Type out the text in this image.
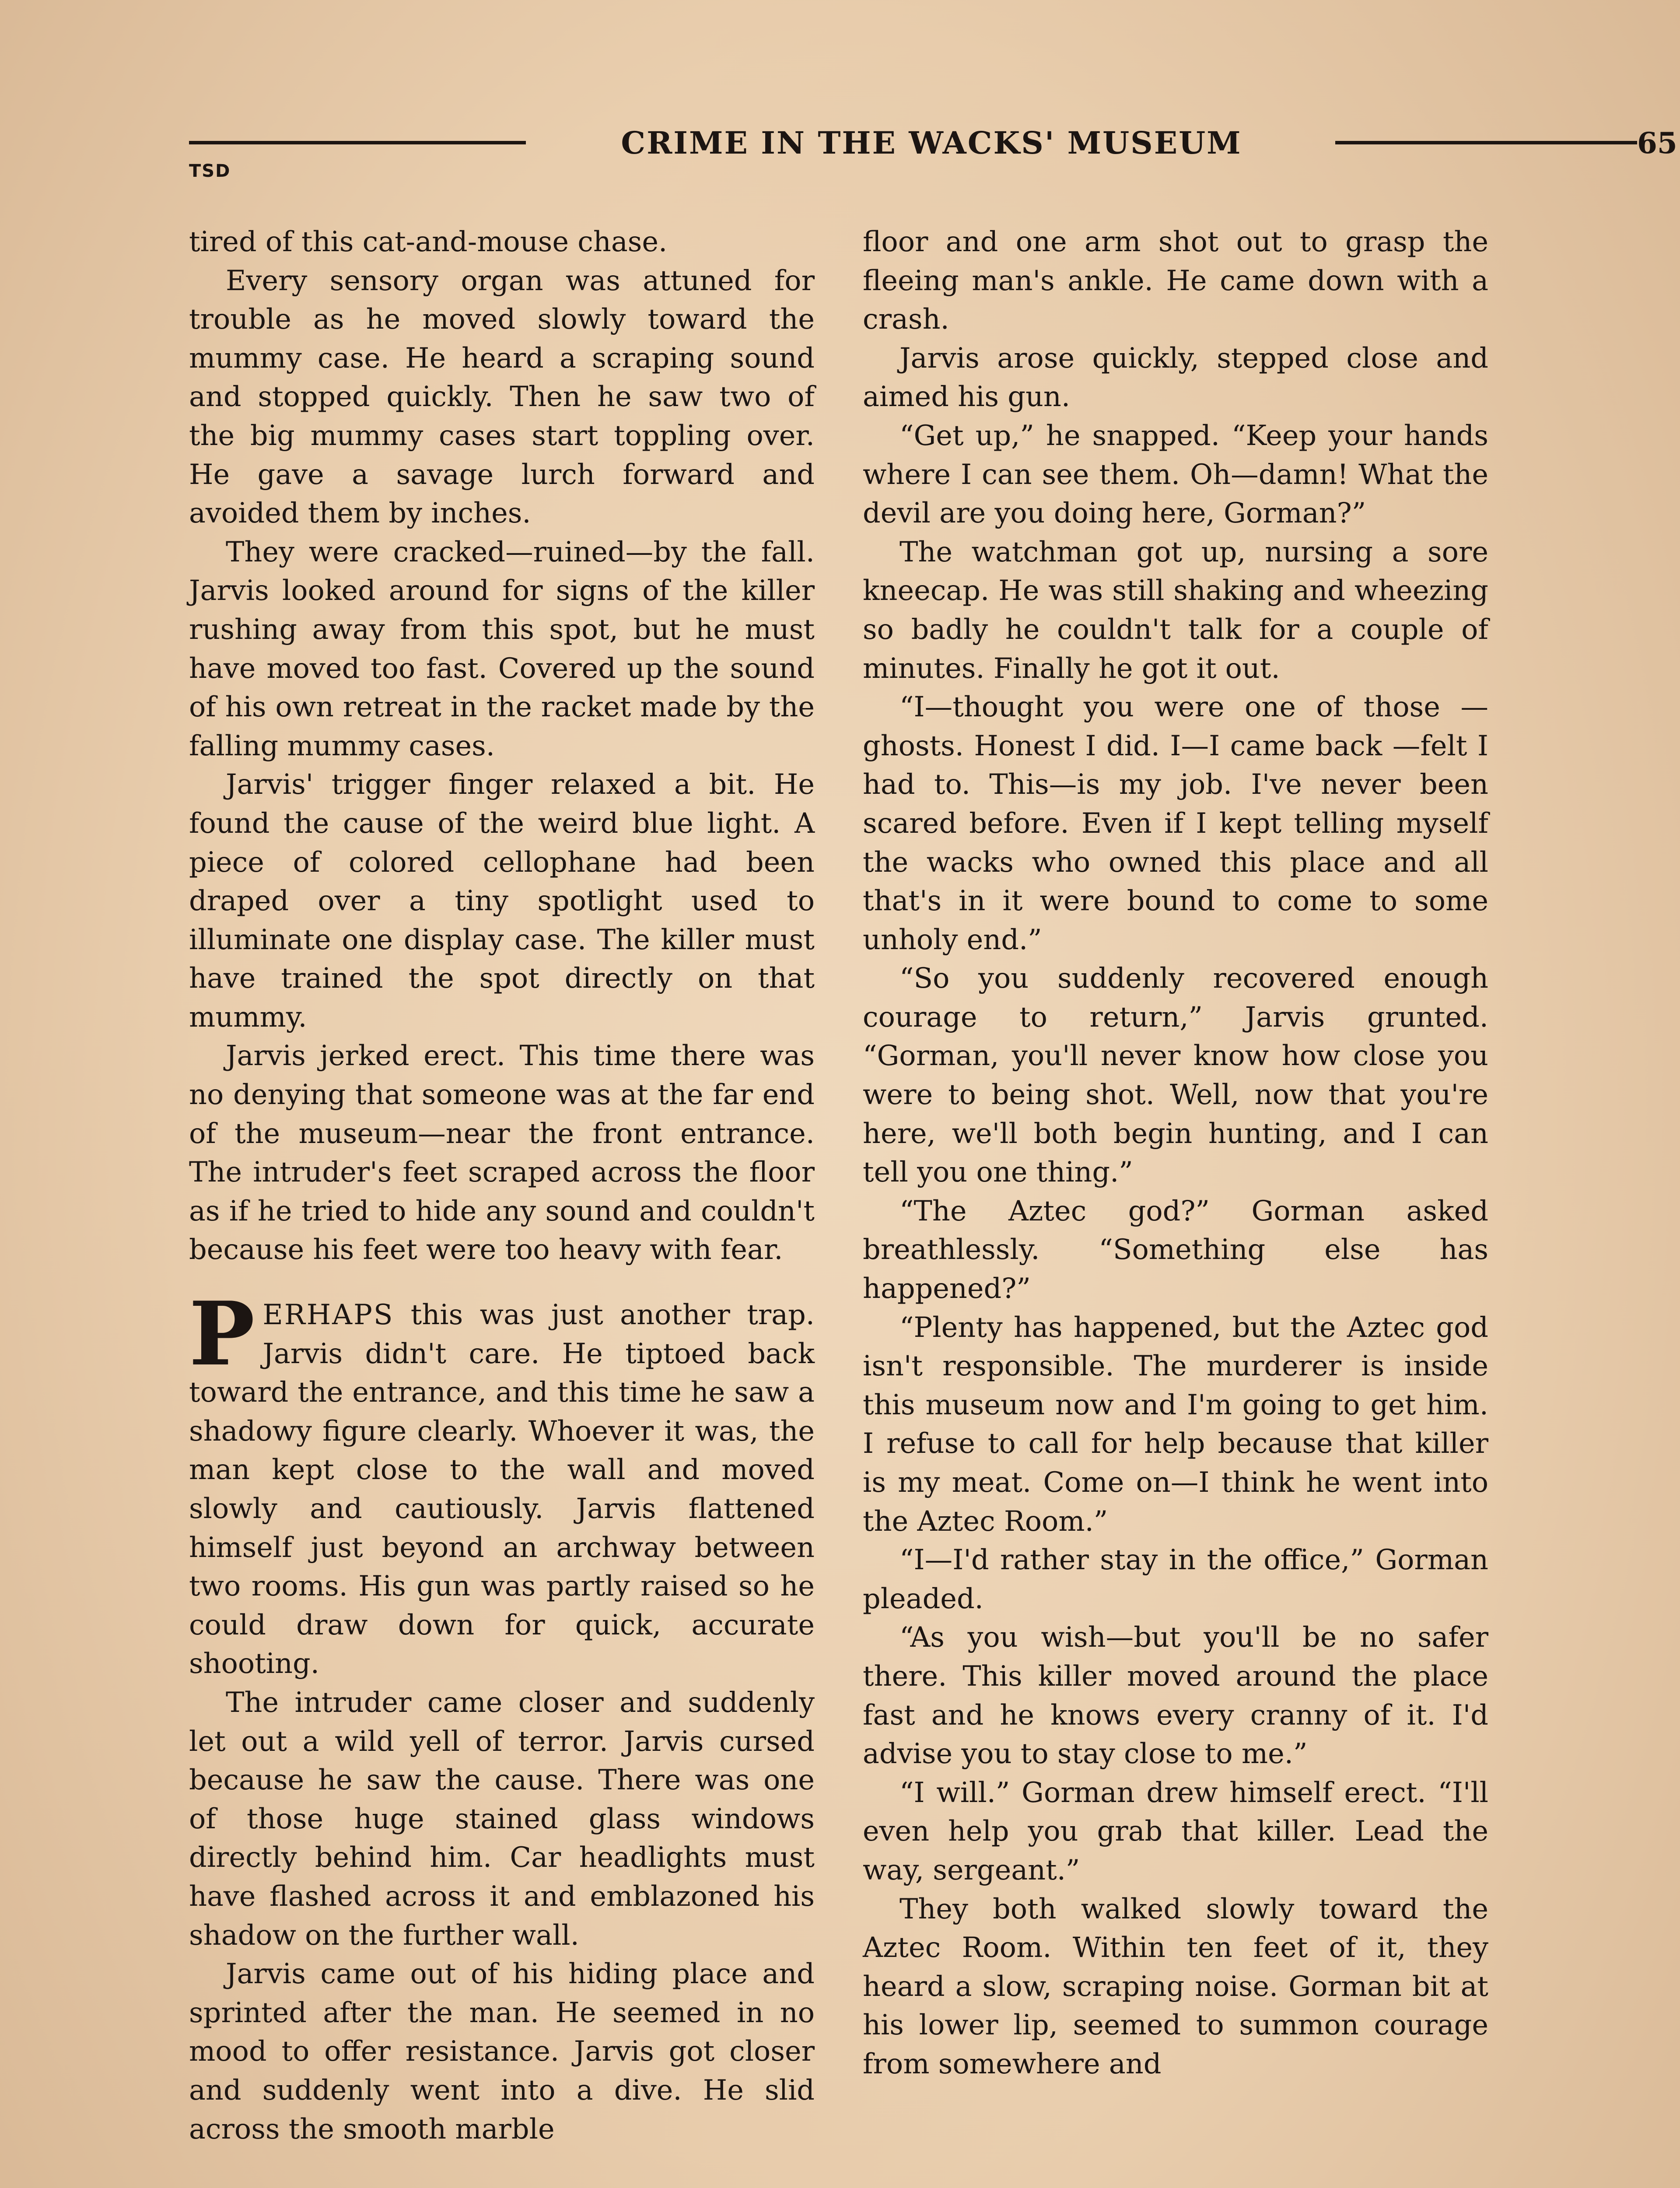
CRIME IN THE WACKS' MUSEUM	65
TSD

tired of this cat-and-mouse chase.

Every sensory organ was attuned for trouble as he moved slowly toward the mummy case. He heard a scraping sound and stopped quickly. Then he saw two of the big mummy cases start toppling over. He gave a savage lurch forward and avoided them by inches.

They were cracked—ruined—by the fall. Jarvis looked around for signs of the killer rushing away from this spot, but he must have moved too fast. Covered up the sound of his own retreat in the racket made by the falling mummy cases.

Jarvis' trigger finger relaxed a bit. He found the cause of the weird blue light. A piece of colored cellophane had been draped over a tiny spotlight used to illuminate one display case. The killer must have trained the spot directly on that mummy.

Jarvis jerked erect. This time there was no denying that someone was at the far end of the museum—near the front entrance. The intruder's feet scraped across the floor as if he tried to hide any sound and couldn't because his feet were too heavy with fear.

PERHAPS this was just another trap. Jarvis didn't care. He tiptoed back toward the entrance, and this time he saw a shadowy figure clearly. Whoever it was, the man kept close to the wall and moved slowly and cautiously. Jarvis flattened himself just beyond an archway between two rooms. His gun was partly raised so he could draw down for quick, accurate shooting.

The intruder came closer and suddenly let out a wild yell of terror. Jarvis cursed because he saw the cause. There was one of those huge stained glass windows directly behind him. Car headlights must have flashed across it and emblazoned his shadow on the further wall.

Jarvis came out of his hiding place and sprinted after the man. He seemed in no mood to offer resistance. Jarvis got closer and suddenly went into a dive. He slid across the smooth marble

floor and one arm shot out to grasp the fleeing man's ankle. He came down with a crash.

Jarvis arose quickly, stepped close and aimed his gun.

“Get up,” he snapped. “Keep your hands where I can see them. Oh—damn! What the devil are you doing here, Gorman?”

The watchman got up, nursing a sore kneecap. He was still shaking and wheezing so badly he couldn't talk for a couple of minutes. Finally he got it out.

“I—thought you were one of those —ghosts. Honest I did. I—I came back —felt I had to. This—is my job. I've never been scared before. Even if I kept telling myself the wacks who owned this place and all that's in it were bound to come to some unholy end.”

“So you suddenly recovered enough courage to return,” Jarvis grunted. “Gorman, you'll never know how close you were to being shot. Well, now that you're here, we'll both begin hunting, and I can tell you one thing.”

“The Aztec god?” Gorman asked breathlessly. “Something else has happened?”

“Plenty has happened, but the Aztec god isn't responsible. The murderer is inside this museum now and I'm going to get him. I refuse to call for help because that killer is my meat. Come on—I think he went into the Aztec Room.”

“I—I'd rather stay in the office,” Gorman pleaded.

“As you wish—but you'll be no safer there. This killer moved around the place fast and he knows every cranny of it. I'd advise you to stay close to me.”

“I will.” Gorman drew himself erect. “I'll even help you grab that killer. Lead the way, sergeant.”

They both walked slowly toward the Aztec Room. Within ten feet of it, they heard a slow, scraping noise. Gorman bit at his lower lip, seemed to summon courage from somewhere and
